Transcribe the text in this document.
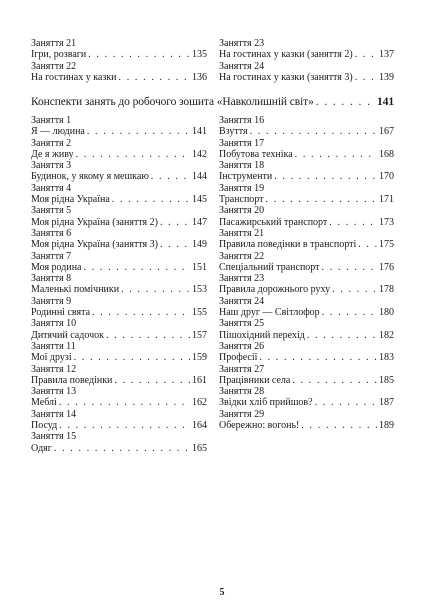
Заняття 21
Ігри, розваги . . .	135
Заняття 22
На гостинах у казки . . .	136
Заняття 23
На гостинах у казки (заняття 2) . . .	137
Заняття 24
На гостинах у казки (заняття 3) . . .	139
Конспекти занять до робочого зошита «Навколишній світ» . . .	141
Заняття 1
Я — людина . . .	141
Заняття 2
Де я живу . . .	142
Заняття 3
Будинок, у якому я мешкаю . . .	144
Заняття 4
Моя рідна Україна . . .	145
Заняття 5
Моя рідна Україна (заняття 2) . . .	147
Заняття 6
Моя рідна Україна (заняття 3) . . .	149
Заняття 7
Моя родина . . .	151
Заняття 8
Маленькі помічники . . .	153
Заняття 9
Родинні свята . . .	155
Заняття 10
Дитячий садочок . . .	157
Заняття 11
Мої друзі . . .	159
Заняття 12
Правила поведінки . . .	161
Заняття 13
Меблі . . .	162
Заняття 14
Посуд . . .	164
Заняття 15
Одяг . . .	165
Заняття 16
Взуття . . .	167
Заняття 17
Побутова техніка . . .	168
Заняття 18
Інструменти . . .	170
Заняття 19
Транспорт . . .	171
Заняття 20
Пасажирський транспорт . . .	173
Заняття 21
Правила поведінки в транспорті . . . 175
Заняття 22
Спеціальний транспорт . . .	176
Заняття 23
Правила дорожнього руху . . .	178
Заняття 24
Наш друг — Світлофор . . .	180
Заняття 25
Пішохідний перехід . . .	182
Заняття 26
Професії . . .	183
Заняття 27
Працівники села . . .	185
Заняття 28
Звідки хліб прийшов? . . .	187
Заняття 29
Обережно: вогонь! . . .	189
5
